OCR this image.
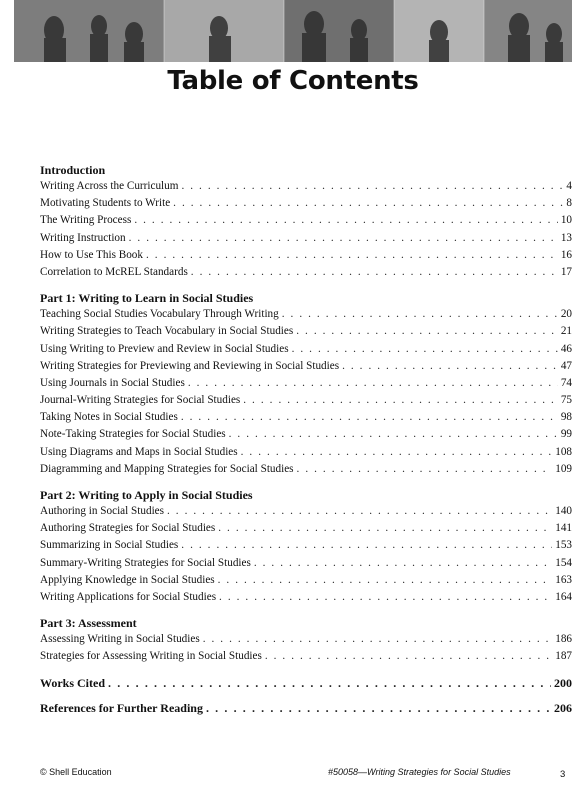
Table of Contents
Introduction
Writing Across the Curriculum . . .	4
Motivating Students to Write . . .	8
The Writing Process . . .	10
Writing Instruction . . .	13
How to Use This Book . . .	16
Correlation to McREL Standards . . .	17
Part 1: Writing to Learn in Social Studies
Teaching Social Studies Vocabulary Through Writing . . .	20
Writing Strategies to Teach Vocabulary in Social Studies . . .	21
Using Writing to Preview and Review in Social Studies . . .	46
Writing Strategies for Previewing and Reviewing in Social Studies . . .	47
Using Journals in Social Studies . . .	74
Journal-Writing Strategies for Social Studies . . .	75
Taking Notes in Social Studies . . .	98
Note-Taking Strategies for Social Studies . . .	99
Using Diagrams and Maps in Social Studies . . .	108
Diagramming and Mapping Strategies for Social Studies . . .	109
Part 2: Writing to Apply in Social Studies
Authoring in Social Studies . . .	140
Authoring Strategies for Social Studies . . .	141
Summarizing in Social Studies . . .	153
Summary-Writing Strategies for Social Studies . . .	154
Applying Knowledge in Social Studies . . .	163
Writing Applications for Social Studies . . .	164
Part 3: Assessment
Assessing Writing in Social Studies . . .	186
Strategies for Assessing Writing in Social Studies . . .	187
Works Cited . . .	200
References for Further Reading . . .	206
© Shell Education	#50058—Writing Strategies for Social Studies	3
